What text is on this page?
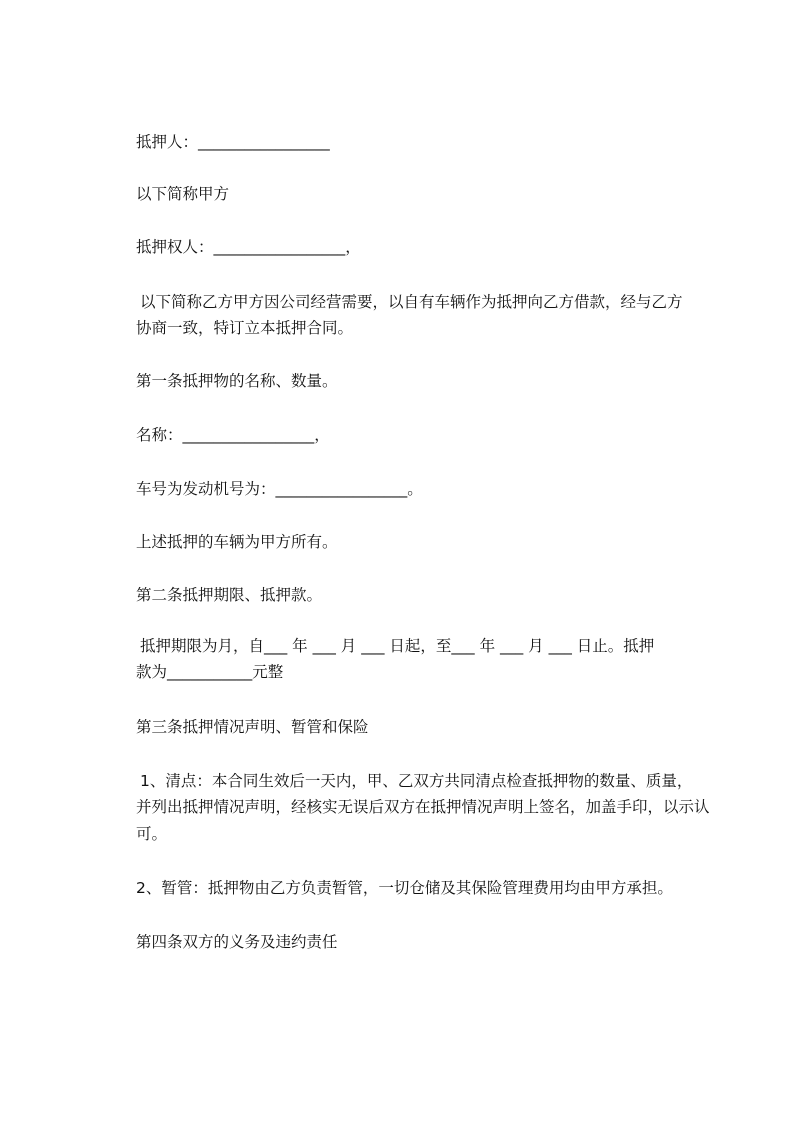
抵押人：_________________
以下简称甲方
抵押权人：_________________，
以下简称乙方甲方因公司经营需要，以自有车辆作为抵押向乙方借款，经与乙方
协商一致，特订立本抵押合同。
第一条抵押物的名称、数量。
名称：_________________，
车号为发动机号为：_________________。
上述抵押的车辆为甲方所有。
第二条抵押期限、抵押款。
抵押期限为月，自___ 年 ___ 月 ___ 日起，至___ 年 ___ 月 ___ 日止。抵押
款为___________元整
第三条抵押情况声明、暂管和保险
1、清点：本合同生效后一天内，甲、乙双方共同清点检查抵押物的数量、质量，
并列出抵押情况声明，经核实无误后双方在抵押情况声明上签名，加盖手印，以示认
可。
2、暂管：抵押物由乙方负责暂管，一切仓储及其保险管理费用均由甲方承担。
第四条双方的义务及违约责任
